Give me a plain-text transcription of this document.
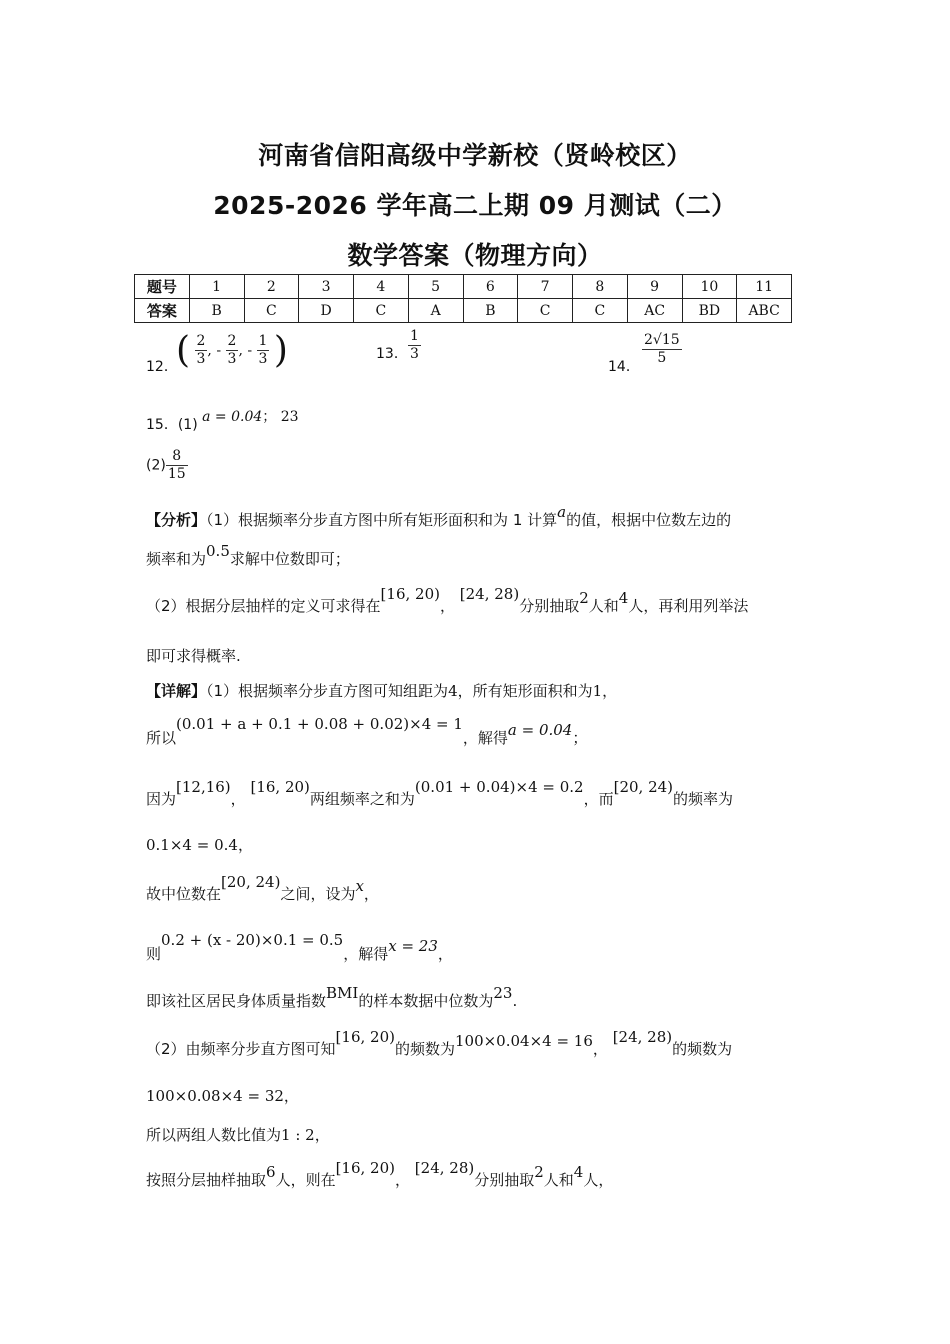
河南省信阳高级中学新校（贤岭校区）
2025-2026 学年高二上期 09 月测试（二）
数学答案（物理方向）
题号	1	2	3	4	5	6	7	8	9	10	11
答案	B	C	D	C	A	B	C	C	AC	BD	ABC
12．
( $\frac{2}{3}$ , - $\frac{2}{3}$ , - $\frac{1}{3}$ )	13． $\frac{1}{3}$
14． $\frac{2√15}{5}$
15．(1) a = 0.04； 23
$(2) \frac{8}{15}$
【分析】（1）根据频率分步直方图中所有矩形面积和为 1 计算a的值，根据中位数左边的
频率和为0.5求解中位数即可；
（2）根据分层抽样的定义可求得在[16, 20)， [24, 28)分别抽取2人和4人，再利用列举法
即可求得概率.
【详解】（1）根据频率分步直方图可知组距为4，所有矩形面积和为1，
所以(0.01 + a + 0.1 + 0.08 + 0.02)×4 = 1，解得a = 0.04；
因为[12,16)， [16, 20)两组频率之和为(0.01 + 0.04)×4 = 0.2，而[20, 24)的频率为
0.1×4 = 0.4，
故中位数在[20, 24)之间，设为x，
则0.2 + (x - 20)×0.1 = 0.5，解得x = 23，
即该社区居民身体质量指数BMI的样本数据中位数为23.
（2）由频率分步直方图可知[16, 20)的频数为100×0.04×4 = 16， [24, 28)的频数为
100×0.08×4 = 32，
所以两组人数比值为1 : 2，
按照分层抽样抽取6人，则在[16, 20)， [24, 28)分别抽取2人和4人，
